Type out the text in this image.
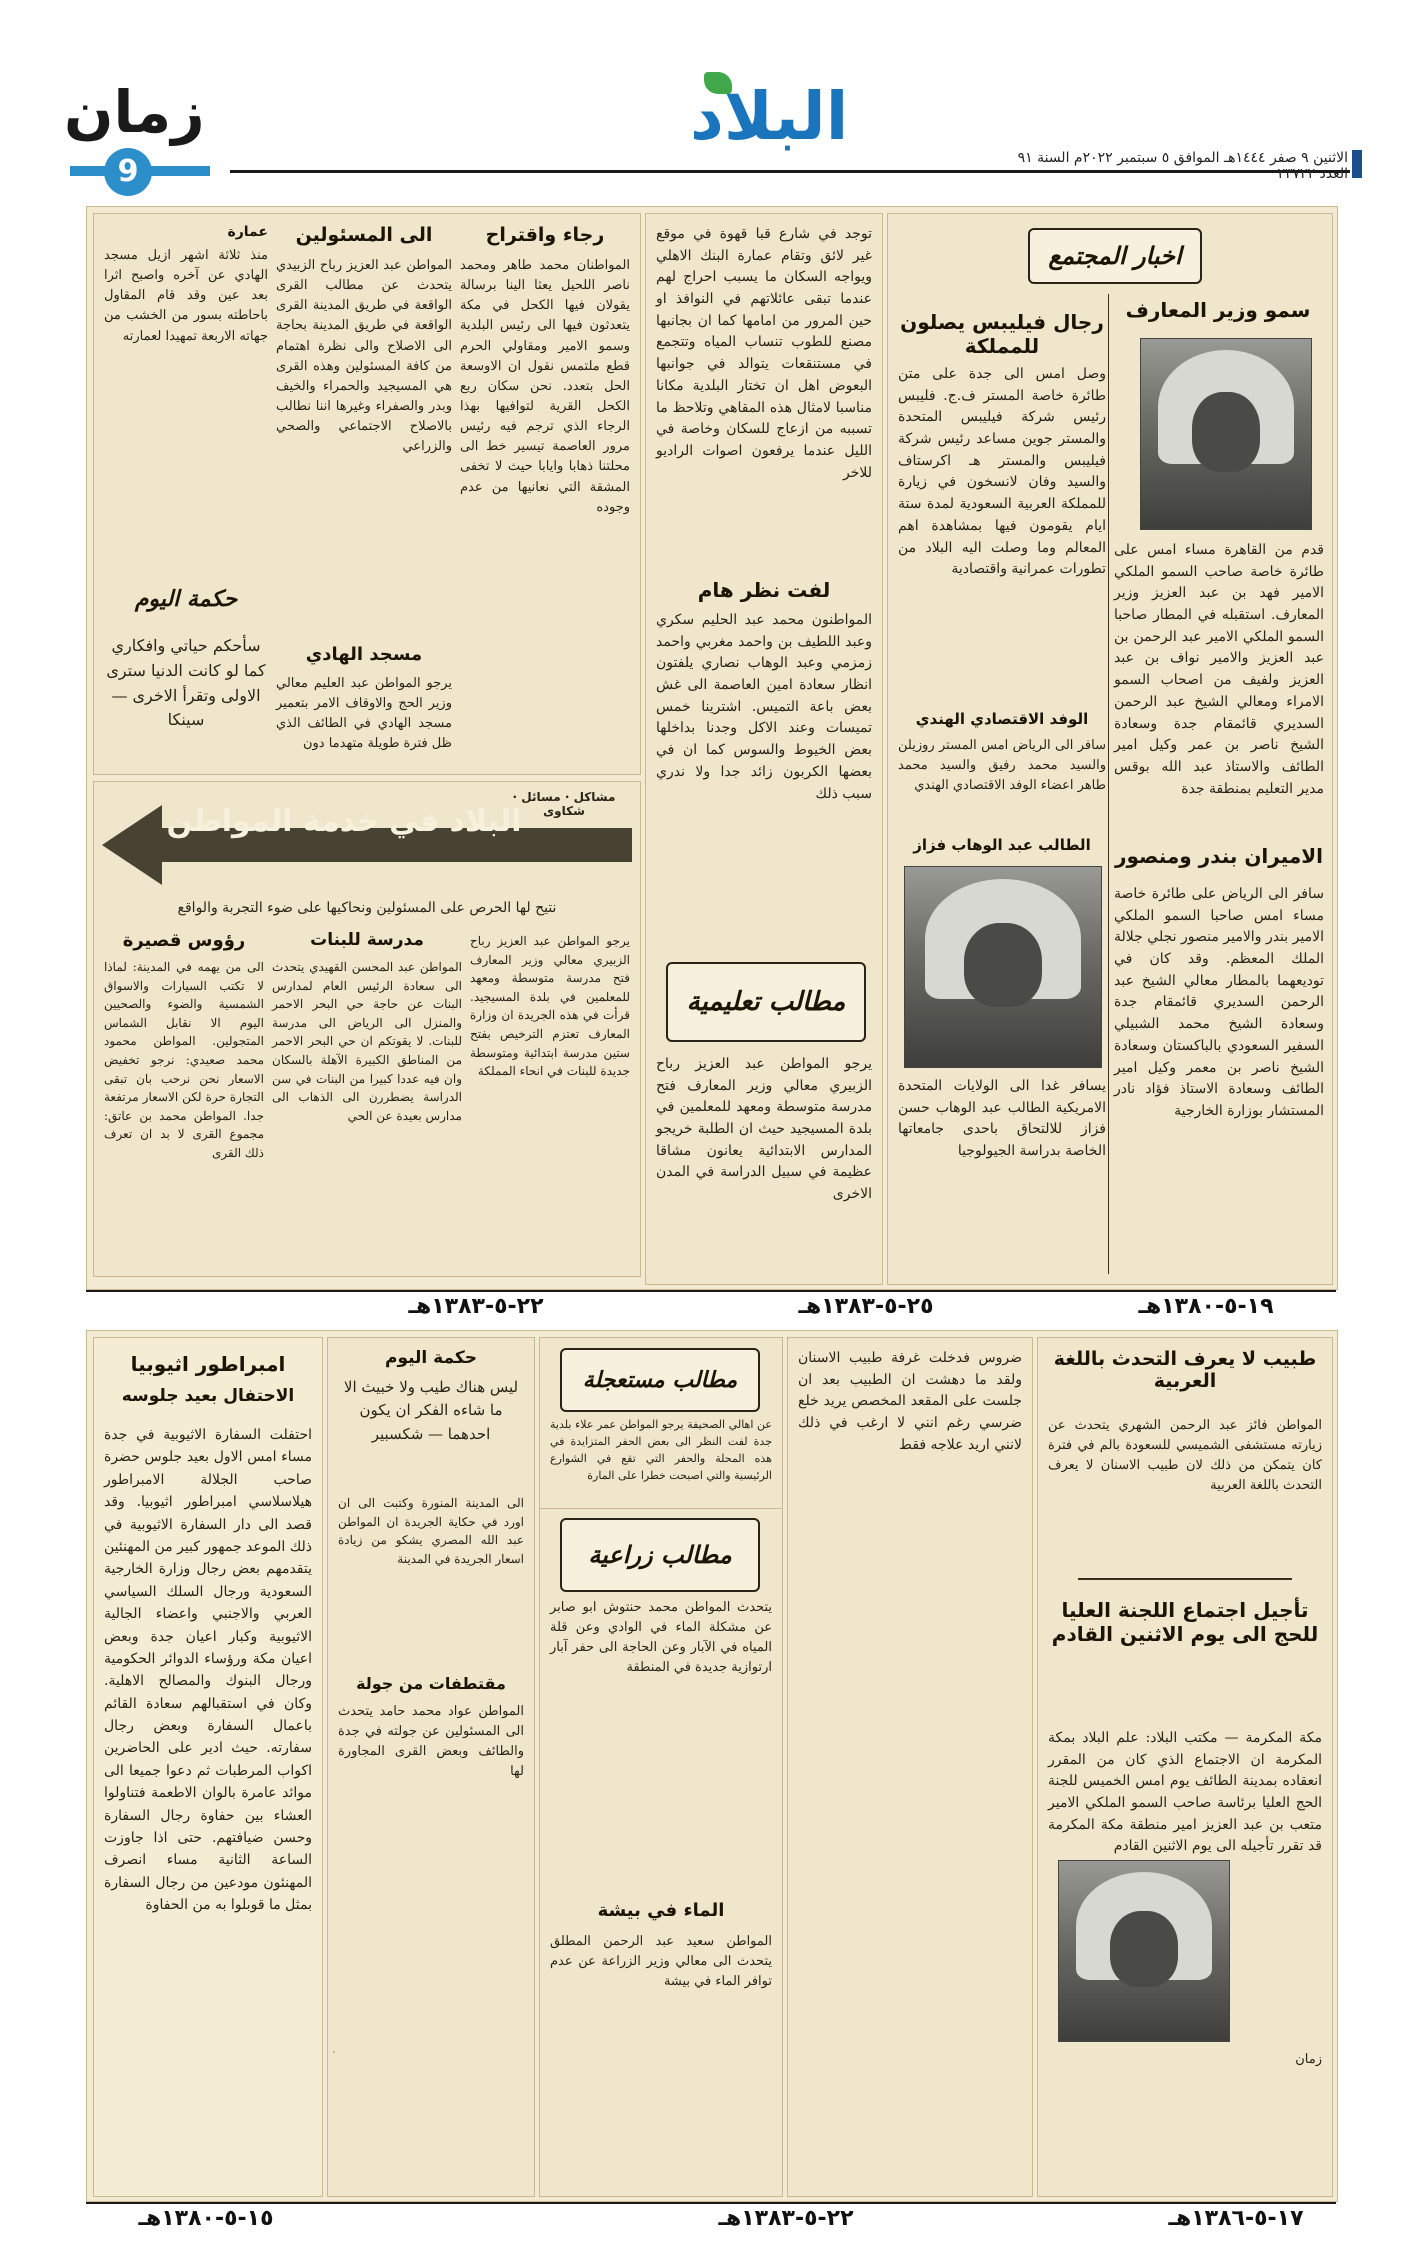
زمان
9
البلاد
الاثنين ٩ صفر ١٤٤٤هـ الموافق ٥ سبتمبر ٢٠٢٢م السنة ٩١ العدد ٢٣٧٢٢
اخبار المجتمع
سمو وزير المعارف
قدم من القاهرة مساء امس على طائرة خاصة صاحب السمو الملكي الامير فهد بن عبد العزيز وزير المعارف. استقبله في المطار صاحبا السمو الملكي الامير عبد الرحمن بن عبد العزيز والامير نواف بن عبد العزيز ولفيف من اصحاب السمو الامراء ومعالي الشيخ عبد الرحمن السديري قائمقام جدة وسعادة الشيخ ناصر بن عمر وكيل امير الطائف والاستاذ عبد الله بوقس مدير التعليم بمنطقة جدة
رجال فيليبس يصلون للمملكة
وصل امس الى جدة على متن طائرة خاصة المستر ف.ج. فليبس رئيس شركة فيليبس المتحدة والمستر جوين مساعد رئيس شركة فيليبس والمستر هـ اكرستاف والسيد وفان لانسخون في زيارة للمملكة العربية السعودية لمدة ستة ايام يقومون فيها بمشاهدة اهم المعالم وما وصلت اليه البلاد من تطورات عمرانية واقتصادية
الوفد الاقتصادي الهندي
سافر الى الرياض امس المستر روزيلن والسيد محمد رفيق والسيد محمد طاهر اعضاء الوفد الاقتصادي الهندي
الطالب عبد الوهاب فزاز
يسافر غدا الى الولايات المتحدة الامريكية الطالب عبد الوهاب حسن فزاز للالتحاق باحدى جامعاتها الخاصة بدراسة الجيولوجيا
الاميران بندر ومنصور
سافر الى الرياض على طائرة خاصة مساء امس صاحبا السمو الملكي الامير بندر والامير منصور نجلي جلالة الملك المعظم. وقد كان في توديعهما بالمطار معالي الشيخ عبد الرحمن السديري قائمقام جدة وسعادة الشيخ محمد الشبيلي السفير السعودي بالباكستان وسعادة الشيخ ناصر بن معمر وكيل امير الطائف وسعادة الاستاذ فؤاد نادر المستشار بوزارة الخارجية
توجد في شارع قبا قهوة في موقع غير لائق وتقام عمارة البنك الاهلي ويواجه السكان ما يسبب احراج لهم عندما تبقى عائلاتهم في النوافذ او حين المرور من امامها كما ان بجانبها مصنع للطوب تنساب المياه وتتجمع في مستنقعات يتوالد في جوانبها البعوض اهل ان تختار البلدية مكانا مناسبا لامثال هذه المقاهي وتلاحظ ما تسببه من ازعاج للسكان وخاصة في الليل عندما يرفعون اصوات الراديو للاخر
لفت نظر هام
المواطنون محمد عبد الحليم سكري وعبد اللطيف بن واحمد مغربي واحمد زمزمي وعبد الوهاب نصاري يلفتون انظار سعادة امين العاصمة الى غش بعض باعة التميس. اشترينا خمس تميسات وعند الاكل وجدنا بداخلها بعض الخيوط والسوس كما ان في بعضها الكربون زائد جدا ولا ندري سبب ذلك
مطالب تعليمية
يرجو المواطن عبد العزيز رباح الزبيري معالي وزير المعارف فتح مدرسة متوسطة ومعهد للمعلمين في بلدة المسيجيد حيث ان الطلبة خريجو المدارس الابتدائية يعانون مشاقا عظيمة في سبيل الدراسة في المدن الاخرى
رجاء واقتراح
المواطنان محمد طاهر ومحمد ناصر اللحيل يعثا الينا برسالة يقولان فيها الكحل في مكة يتعدثون فيها الى رئيس البلدية وسمو الامير ومقاولي الحرم قطع ملتمس نقول ان الاوسعة الحل بتعدد. نحن سكان ربع الكحل القرية لتوافيها بهذا الرجاء الذي ترجم فيه رئيس مرور العاصمة تيسير خط الى محلتنا ذهابا وايابا حيث لا تخفى المشقة التي نعانيها من عدم وجوده
الى المسئولين
المواطن عبد العزيز رباح الزبيدي يتحدث عن مطالب القرى الواقعة في طريق المدينة القرى الواقعة في طريق المدينة بحاجة الى الاصلاح والى نظرة اهتمام من كافة المسئولين وهذه القرى هي المسيجيد والحمراء والخيف وبدر والصفراء وغيرها اننا نطالب بالاصلاح الاجتماعي والصحي والزراعي
مسجد الهادي
يرجو المواطن عبد العليم معالي وزير الحج والاوقاف الامر بتعمير مسجد الهادي في الطائف الذي ظل فترة طويلة متهدما دون
عمارة
منذ ثلاثة اشهر ازيل مسجد الهادي عن آخره واصبح اثرا بعد عين وقد قام المقاول باحاطته بسور من الخشب من جهاته الاربعة تمهيدا لعمارته
حكمة اليوم
سأحكم حياتي وافكاري كما لو كانت الدنيا سترى الاولى وتقرأ الاخرى — سينكا
البلاد في خدمة المواطن
مشاكل · مسائل · شكاوى
نتيح لها الحرص على المسئولين ونحاكيها على ضوء التجربة والواقع
رؤوس قصيرة
الى من يهمه في المدينة: لماذا لا تكتب السيارات والاسواق الشمسية والضوء والصحيين اليوم الا نقابل الشماس المتجولين. المواطن محمود محمد صعيدي: نرجو تخفيض الاسعار نحن نرحب بان تبقى التجارة حرة لكن الاسعار مرتفعة جدا. المواطن محمد بن عاتق: مجموع القرى لا بد ان تعرف ذلك القرى
مدرسة للبنات
المواطن عبد المحسن القهيدي يتحدث الى سعادة الرئيس العام لمدارس البنات عن حاجة حي البحر الاحمر والمنزل الى الرياض الى مدرسة للبنات. لا يقوتكم ان حي البحر الاحمر من المناطق الكبيرة الآهلة بالسكان وان فيه عددا كبيرا من البنات في سن الدراسة يضطررن الى الذهاب الى مدارس بعيدة عن الحي
يرجو المواطن عبد العزيز رباح الزبيري معالي وزير المعارف فتح مدرسة متوسطة ومعهد للمعلمين في بلدة المسيجيد. قرأت في هذه الجريدة ان وزارة المعارف تعتزم الترخيص بفتح ستين مدرسة ابتدائية ومتوسطة جديدة للبنات في انحاء المملكة
٢٢-٥-١٣٨٣هـ	٢٥-٥-١٣٨٣هـ	١٩-٥-١٣٨٠هـ
طبيب لا يعرف التحدث باللغة العربية
المواطن فائز عبد الرحمن الشهري يتحدث عن زيارته مستشفى الشميسي للسعودة بالم في فترة كان يتمكن من ذلك لان طبيب الاسنان لا يعرف التحدث باللغة العربية
تأجيل اجتماع اللجنة العليا للحج الى يوم الاثنين القادم
مكة المكرمة — مكتب البلاد: علم البلاد بمكة المكرمة ان الاجتماع الذي كان من المقرر انعقاده بمدينة الطائف يوم امس الخميس للجنة الحج العليا برئاسة صاحب السمو الملكي الامير متعب بن عبد العزيز امير منطقة مكة المكرمة قد تقرر تأجيله الى يوم الاثنين القادم
زمان
ضروس فدخلت غرفة طبيب الاسنان ولقد ما دهشت ان الطبيب بعد ان جلست على المقعد المخصص يريد خلع ضرسي رغم انني لا ارغب في ذلك لانني اريد علاجه فقط
مطالب زراعية
يتحدث المواطن محمد حنتوش ابو صابر عن مشكلة الماء في الوادي وعن قلة المياه في الآبار وعن الحاجة الى حفر آبار ارتوازية جديدة في المنطقة
الماء في بيشة
المواطن سعيد عبد الرحمن المطلق يتحدث الى معالي وزير الزراعة عن عدم توافر الماء في بيشة
حكمة اليوم
ليس هناك طيب ولا خبيث الا ما شاءه الفكر ان يكون احدهما — شكسبير
الى المدينة المنورة وكتبت الى ان اورد في حكاية الجريدة ان المواطن عبد الله المصري يشكو من زيادة اسعار الجريدة في المدينة
مقتطفات من جولة
المواطن عواد محمد حامد يتحدث الى المسئولين عن جولته في جدة والطائف وبعض القرى المجاورة لها
مطالب مستعجلة
عن اهالي الصحيفة يرجو المواطن عمر علاء بلدية جدة لفت النظر الى بعض الحفر المتزايدة في هذه المحلة والحفر التي تقع في الشوارع الرئيسية والتي اصبحت خطرا على المارة
امبراطور اثيوبيا
الاحتفال بعيد جلوسه
احتفلت السفارة الاثيوبية في جدة مساء امس الاول بعيد جلوس حضرة صاحب الجلالة الامبراطور هيلاسلاسي امبراطور اثيوبيا. وقد قصد الى دار السفارة الاثيوبية في ذلك الموعد جمهور كبير من المهنئين يتقدمهم بعض رجال وزارة الخارجية السعودية ورجال السلك السياسي العربي والاجنبي واعضاء الجالية الاثيوبية وكبار اعيان جدة وبعض اعيان مكة ورؤساء الدوائر الحكومية ورجال البنوك والمصالح الاهلية. وكان في استقبالهم سعادة القائم باعمال السفارة وبعض رجال سفارته. حيث ادير على الحاضرين اكواب المرطبات ثم دعوا جميعا الى موائد عامرة بالوان الاطعمة فتناولوا العشاء بين حفاوة رجال السفارة وحسن ضيافتهم. حتى اذا جاوزت الساعة الثانية مساء انصرف المهنئون مودعين من رجال السفارة بمثل ما قوبلوا به من الحفاوة
١٥-٥-١٣٨٠هـ	٢٢-٥-١٣٨٣هـ	١٧-٥-١٣٨٦هـ
